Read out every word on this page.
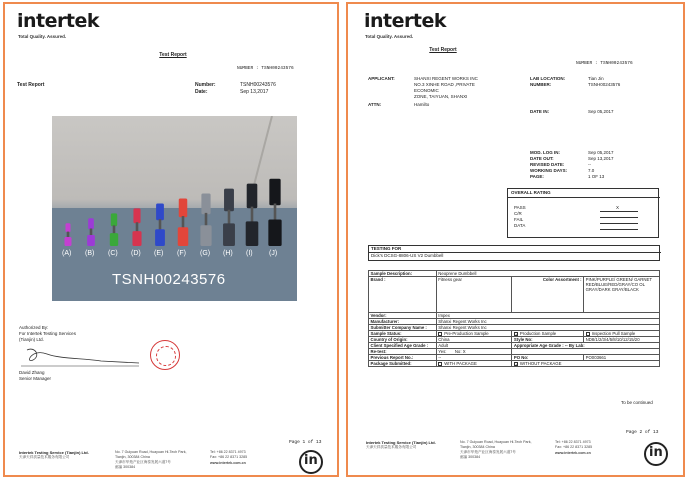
intertek
Total Quality. Assured.
Test Report
NUMBER : TSNH00243576
Test Report	Number:	TSNH00243576
Date:	Sep 13,2017
(A) (B) (C) (D) (E) (F) (G) (H) (I) (J)
TSNH00243576
Authorized By:
For Intertek Testing Services
(Tianjin) Ltd.
David Zhang
Senior Manager
Page 1 of 13
Intertek Testing Service (Tianjin) Ltd.
天津天祥质量技术服务有限公司
No. 7 Guiyuan Road, Huayuan Hi-Tech Park, Tianjin, 300384 China
天津市华苑产业区海泰发展六道7号
邮编 300384
Tel: +86 22 8371 4973
Fax: +86 22 8371 3285
www.intertek.com.cn	in
intertek
Total Quality. Assured.
Test Report
NUMBER : TSNH00243576
APPLICANT:	SHANXI REGENT WORKS INC
NO.3 XINHE ROAD ,PRIVATE
ECONOMIC
ZONE, TAIYUAN, SHANXI
ATTN:	Hamilto
LAB LOCATION:	Tian Jin
NUMBER:	TSNH00243576
DATE IN:	Sep 05,2017
MOD. LOG IN:	Sep 05,2017
DATE OUT:	Sep 13,2017
REVISED DATE:	--
WORKING DAYS:	7.0
PAGE:	1 OF 13
OVERALL RATING
PASS
C/R
FAIL
DATA
X
TESTING FOR
Dick's DCSG-8806-US V2 Dumbbell
Sample Description:	Neoprene Dumbbell		
Brand :	Fitness gear	Color Assortment :	PINK/PURPLE/ GREEN/ GARNET RED/BLUE/RED/GRAY/CO OL GRAY/DARK GRAY/BLACK
Vendor:	Impex		
Manufacturer:	Shanxi Regent Works Inc		
Submitter Company Name :	Shanxi Regent Works Inc		
Sample Status:	Pre-Production Sample	✓Production Sample	Inspection Pull Sample
Country of Origin:	China	Style No:	ND8/1/2/3/4/5/8/10/12/15/20
Client Specified Age Grade :	Adult	Appropriate Age Grade : -- By Lab:	
Re-test:	Yes: No: X		
Previous Report No.:	--	PO No:	PO003661
Package Submitted:	WITH PACKAGE	✓WITHOUT PACKAGE
To be continued
Page 2 of 13
Intertek Testing Service (Tianjin) Ltd.
天津天祥质量技术服务有限公司
No. 7 Guiyuan Road, Huayuan Hi-Tech Park, Tianjin, 300384 China
天津市华苑产业区海泰发展六道7号
邮编 300384
Tel: +86 22 8371 4973
Fax: +86 22 8371 3285
www.intertek.com.cn	in
